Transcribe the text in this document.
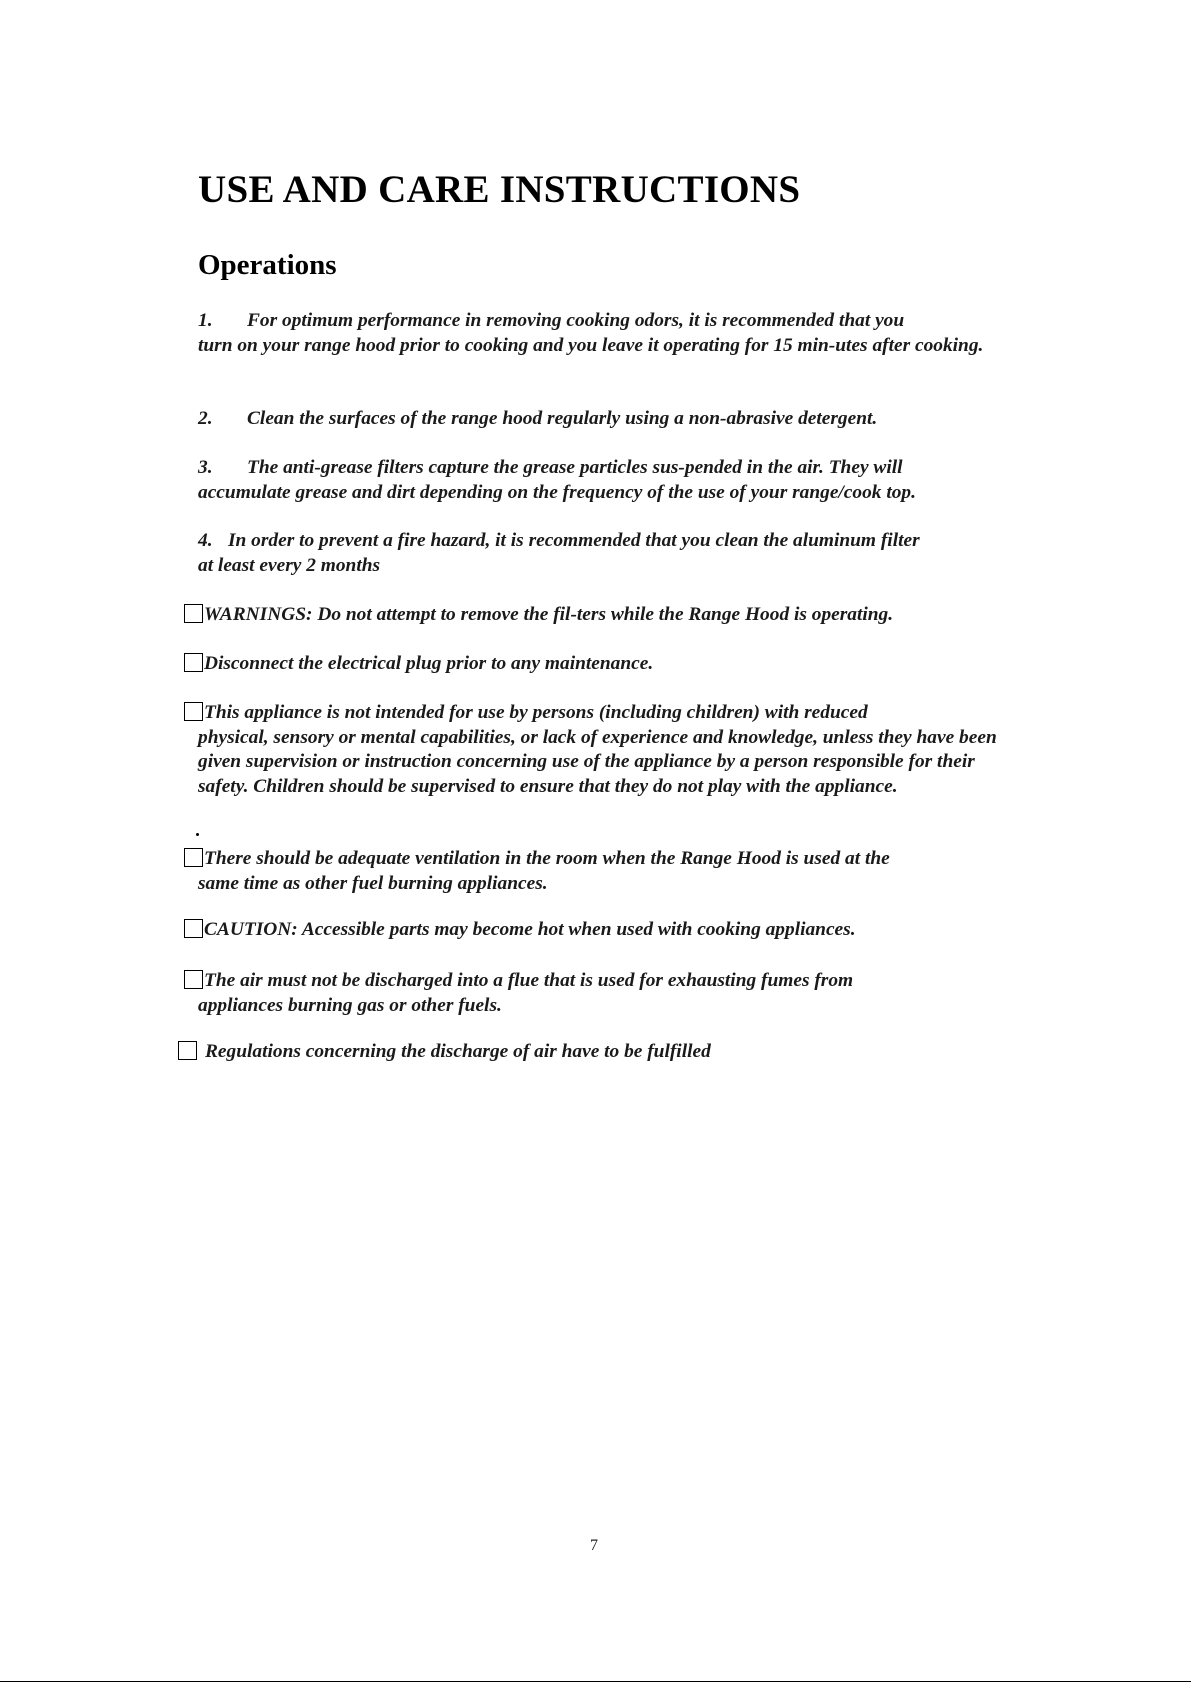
USE AND CARE INSTRUCTIONS
Operations

1. For optimum performance in removing cooking odors, it is recommended that you
turn on your range hood prior to cooking and you leave it operating for 15 min-utes after cooking.

2. Clean the surfaces of the range hood regularly using a non-abrasive detergent.

3. The anti-grease filters capture the grease particles sus-pended in the air. They will
accumulate grease and dirt depending on the frequency of the use of your range/cook top.

4. In order to prevent a fire hazard, it is recommended that you clean the aluminum filter
at least every 2 months

WARNINGS: Do not attempt to remove the fil-ters while the Range Hood is operating.

Disconnect the electrical plug prior to any maintenance.

This appliance is not intended for use by persons (including children) with reduced
physical, sensory or mental capabilities, or lack of experience and knowledge, unless they have been given supervision or instruction concerning use of the appliance by a person responsible for their safety. Children should be supervised to ensure that they do not play with the appliance.

There should be adequate ventilation in the room when the Range Hood is used at the
same time as other fuel burning appliances.

CAUTION: Accessible parts may become hot when used with cooking appliances.

The air must not be discharged into a flue that is used for exhausting fumes from
appliances burning gas or other fuels.

Regulations concerning the discharge of air have to be fulfilled

7
